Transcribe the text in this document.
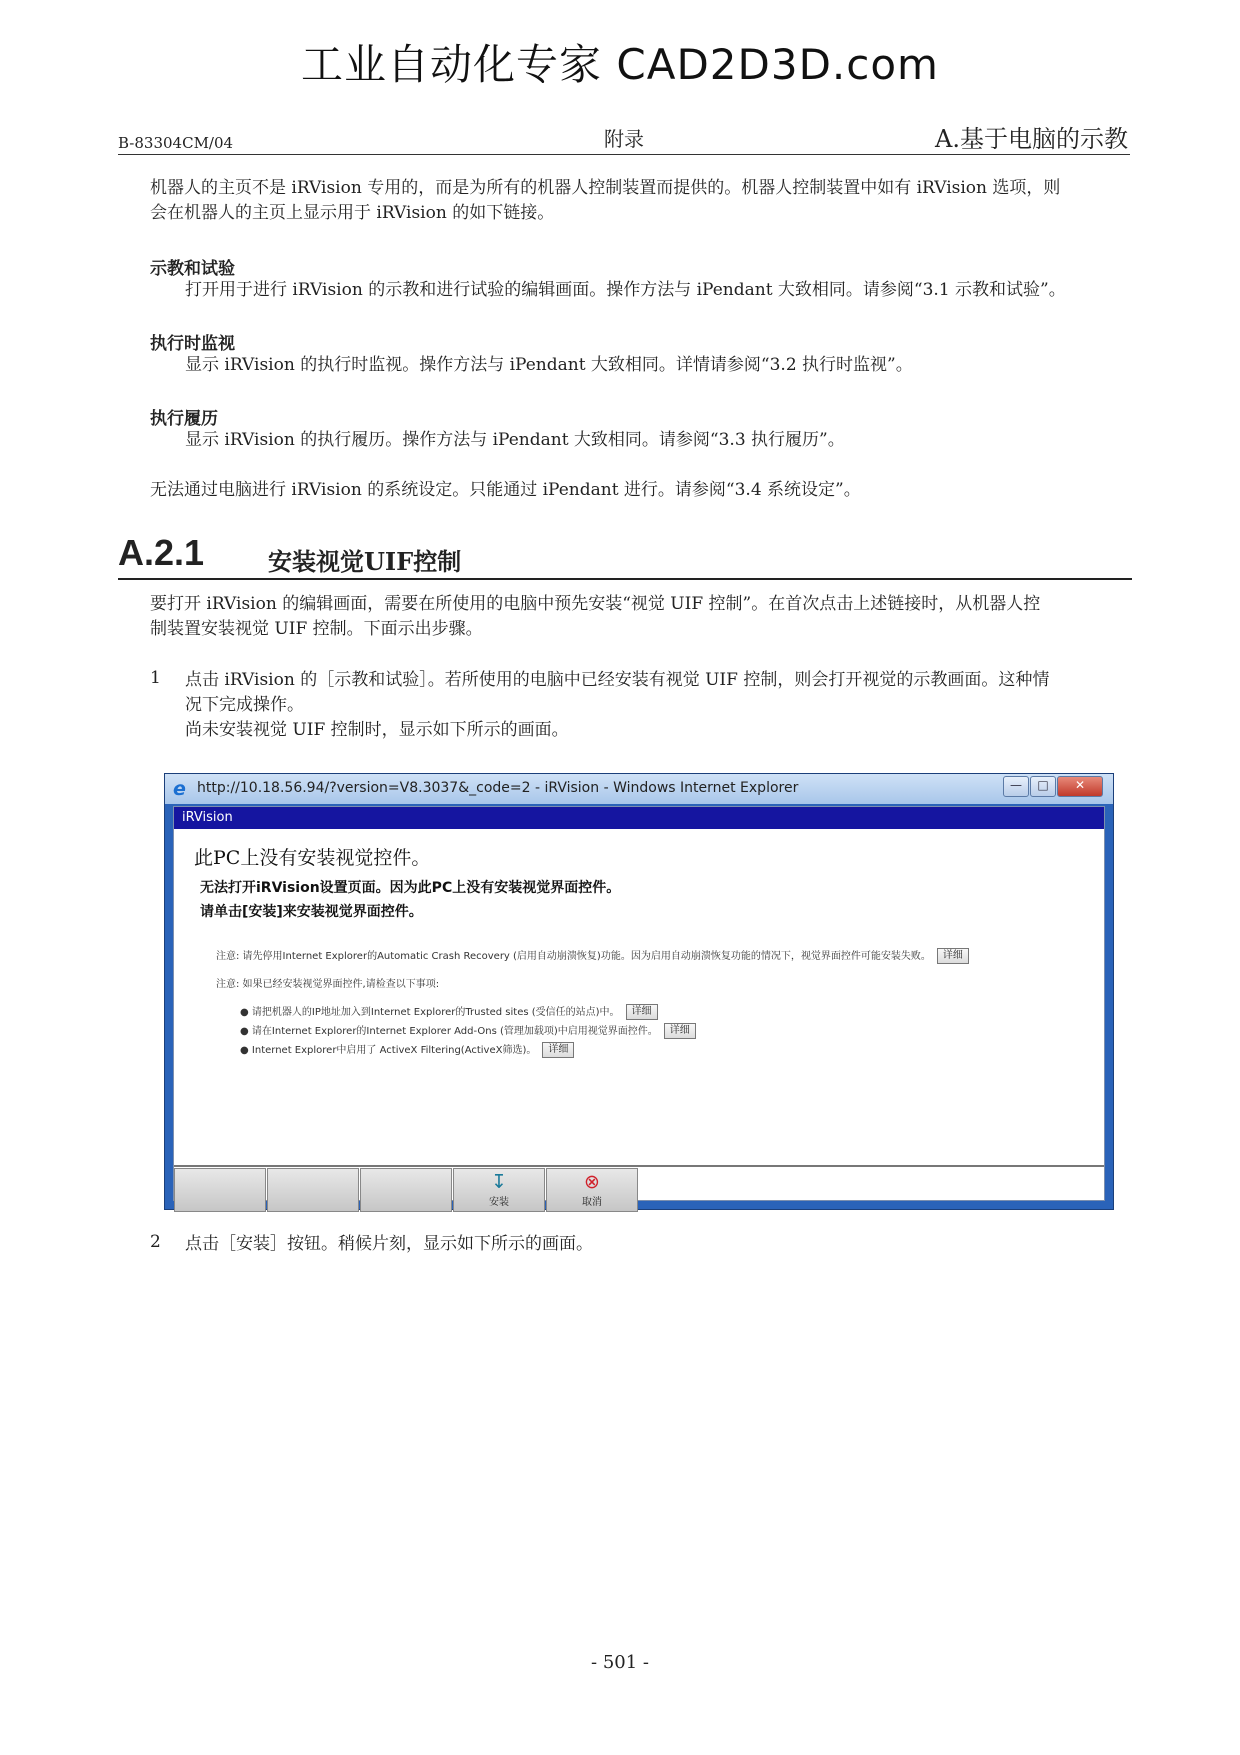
工业自动化专家 CAD2D3D.com
B-83304CM/04	附录	A.基于电脑的示教
机器人的主页不是 iRVision 专用的，而是为所有的机器人控制装置而提供的。机器人控制装置中如有 iRVision 选项，则
会在机器人的主页上显示用于 iRVision 的如下链接。
示教和试验
打开用于进行 iRVision 的示教和进行试验的编辑画面。操作方法与 iPendant 大致相同。请参阅“3.1 示教和试验”。
执行时监视
显示 iRVision 的执行时监视。操作方法与 iPendant 大致相同。详情请参阅“3.2 执行时监视”。
执行履历
显示 iRVision 的执行履历。操作方法与 iPendant 大致相同。请参阅“3.3 执行履历”。
无法通过电脑进行 iRVision 的系统设定。只能通过 iPendant 进行。请参阅“3.4 系统设定”。
A.2.1	安装视觉UIF控制
要打开 iRVision 的编辑画面，需要在所使用的电脑中预先安装“视觉 UIF 控制”。在首次点击上述链接时，从机器人控
制装置安装视觉 UIF 控制。下面示出步骤。
1 点击 iRVision 的［示教和试验］。若所使用的电脑中已经安装有视觉 UIF 控制，则会打开视觉的示教画面。这种情
况下完成操作。
尚未安装视觉 UIF 控制时，显示如下所示的画面。
e http://10.18.56.94/?version=V8.3037&_code=2 - iRVision - Windows Internet Explorer	— □ ✕
iRVision
此PC上没有安装视觉控件。
无法打开iRVision设置页面。因为此PC上没有安装视觉界面控件。
请单击[安装]来安装视觉界面控件。
注意: 请先停用Internet Explorer的Automatic Crash Recovery (启用自动崩溃恢复)功能。因为启用自动崩溃恢复功能的情况下，视觉界面控件可能安装失败。 详细
注意: 如果已经安装视觉界面控件,请检查以下事项:
● 请把机器人的IP地址加入到Internet Explorer的Trusted sites (受信任的站点)中。 详细
● 请在Internet Explorer的Internet Explorer Add-Ons (管理加载项)中启用视觉界面控件。 详细
● Internet Explorer中启用了 ActiveX Filtering(ActiveX筛选)。 详细
↧
安装
⊗
取消
2 点击［安装］按钮。稍候片刻，显示如下所示的画面。
- 501 -
